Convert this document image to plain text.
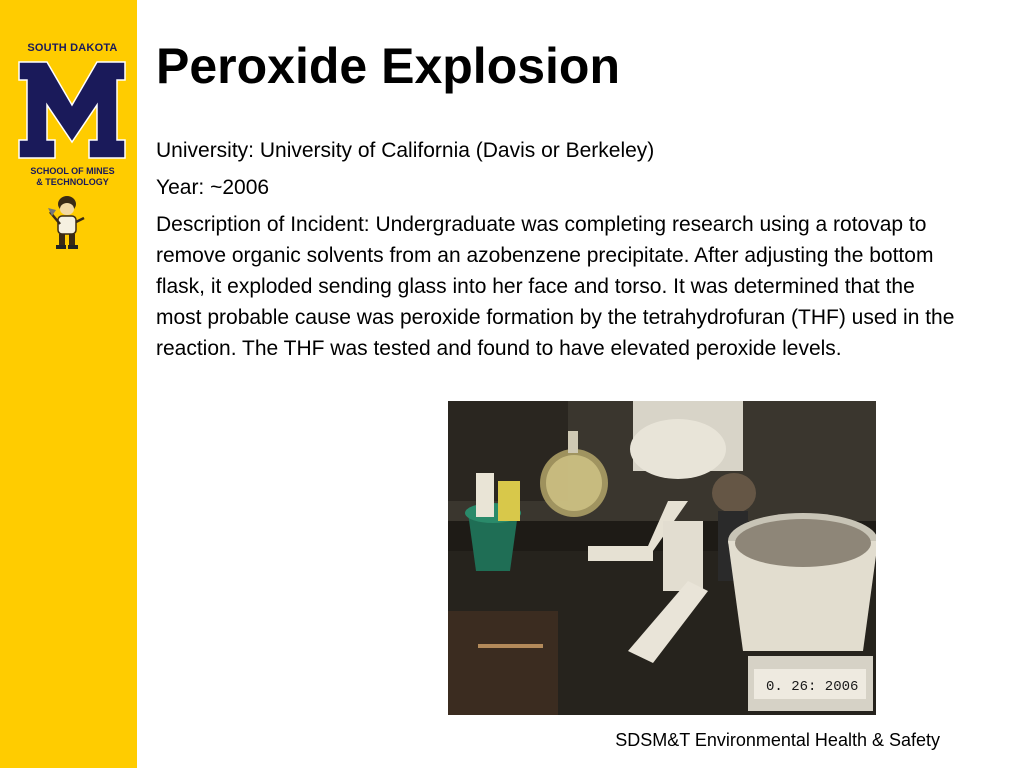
SOUTH DAKOTA
SCHOOL OF MINES
& TECHNOLOGY
Peroxide Explosion

University: University of California (Davis or Berkeley)

Year: ~2006

Description of Incident: Undergraduate was completing research using a rotovap to remove organic solvents from an azobenzene precipitate. After adjusting the bottom flask, it exploded sending glass into her face and torso. It was determined that the most probable cause was peroxide formation by the tetrahydrofuran (THF) used in the reaction. The THF was tested and found to have elevated peroxide levels.

0. 26: 2006
SDSM&T Environmental Health & Safety
